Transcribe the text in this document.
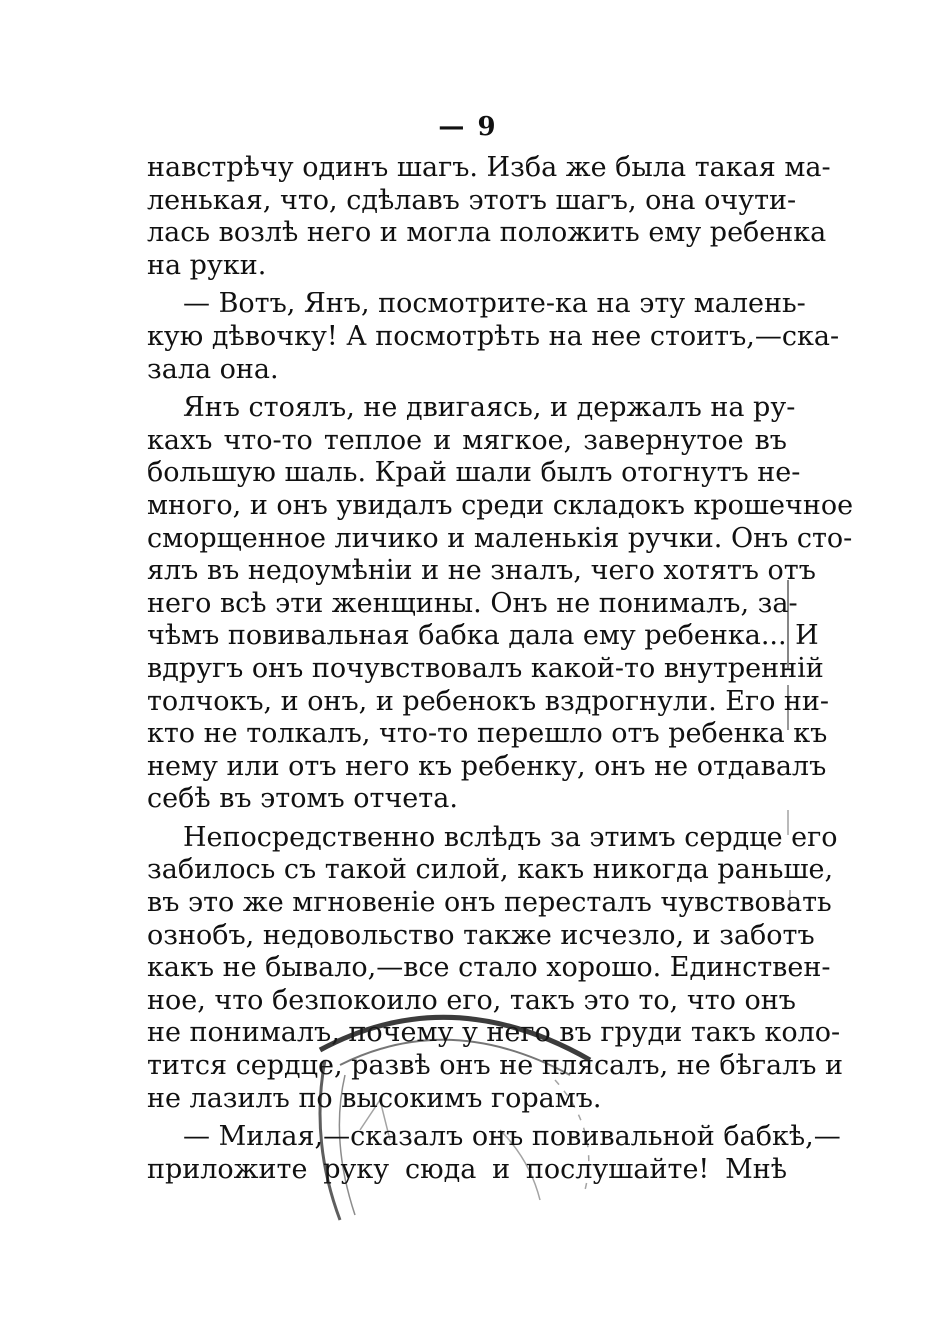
— 9
навстрѣчу одинъ шагъ. Изба же была такая ма-
ленькая, что, сдѣлавъ этотъ шагъ, она очути-
лась возлѣ него и могла положить ему ребенка
на руки.
— Вотъ, Янъ, посмотрите-ка на эту малень-
кую дѣвочку! А посмотрѣть на нее стоитъ,—ска-
зала она.
Янъ стоялъ, не двигаясь, и держалъ на ру-
кахъ что-то теплое и мягкое, завернутое въ
большую шаль. Край шали былъ отогнутъ не-
много, и онъ увидалъ среди складокъ крошечное
сморщенное личико и маленькія ручки. Онъ сто-
ялъ въ недоумѣніи и не зналъ, чего хотятъ отъ
него всѣ эти женщины. Онъ не понималъ, за-
чѣмъ повивальная бабка дала ему ребенка... И
вдругъ онъ почувствовалъ какой-то внутренній
толчокъ, и онъ, и ребенокъ вздрогнули. Его ни-
кто не толкалъ, что-то перешло отъ ребенка къ
нему или отъ него къ ребенку, онъ не отдавалъ
себѣ въ этомъ отчета.
Непосредственно вслѣдъ за этимъ сердце его
забилось съ такой силой, какъ никогда раньше,
въ это же мгновеніе онъ пересталъ чувствовать
ознобъ, недовольство также исчезло, и заботъ
какъ не бывало,—все стало хорошо. Единствен-
ное, что безпокоило его, такъ это то, что онъ
не понималъ, почему у него въ груди такъ коло-
тится сердце, развѣ онъ не плясалъ, не бѣгалъ и
не лазилъ по высокимъ горамъ.
— Милая,—сказалъ онъ повивальной бабкѣ,—
приложите руку сюда и послушайте! Мнѣ
